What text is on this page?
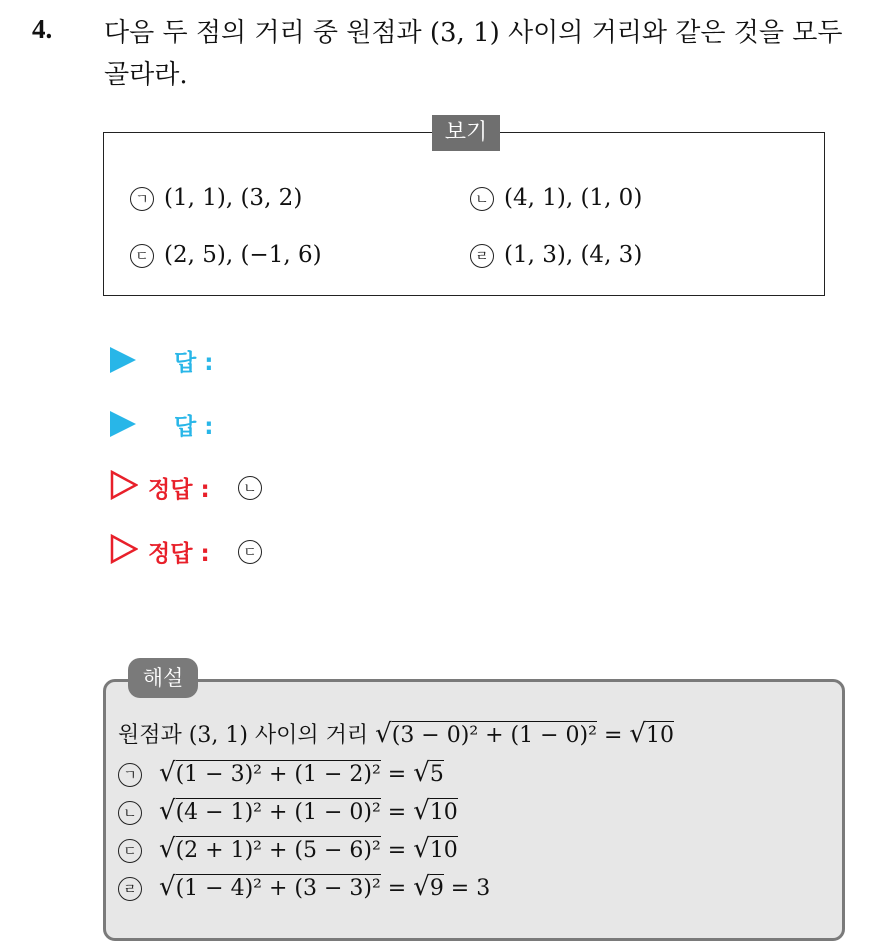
4. 다음 두 점의 거리 중 원점과 (3, 1) 사이의 거리와 같은 것을 모두 골라라.
보기
ㄱ (1, 1), (3, 2)	ㄴ (4, 1), (1, 0)
ㄷ (2, 5), (−1, 6)	ㄹ (1, 3), (4, 3)
답 :
답 :
정답 :	ㄴ
정답 :	ㄷ
해설
원점과 (3, 1) 사이의 거리 √(3 − 0)² + (1 − 0)² = √10
ㄱ √(1 − 3)² + (1 − 2)² = √5
ㄴ √(4 − 1)² + (1 − 0)² = √10
ㄷ √(2 + 1)² + (5 − 6)² = √10
ㄹ √(1 − 4)² + (3 − 3)² = √9 = 3
